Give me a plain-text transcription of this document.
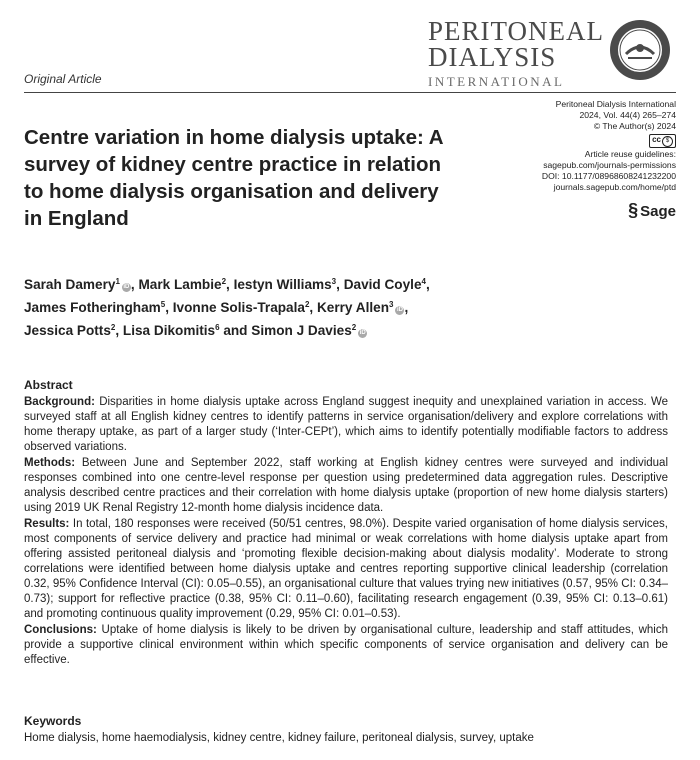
PERITONEAL
DIALYSIS
INTERNATIONAL
Original Article
Centre variation in home dialysis uptake: A survey of kidney centre practice in relation to home dialysis organisation and delivery in England
Peritoneal Dialysis International
2024, Vol. 44(4) 265–274
© The Author(s) 2024
cc $
Article reuse guidelines:
sagepub.com/journals-permissions
DOI: 10.1177/08968608241232200
journals.sagepub.com/home/ptd
§ Sage
Sarah Damery$^1$iD , Mark Lambie$^2$, Iestyn Williams$^3$, David Coyle$^4$,
James Fotheringham$^5$, Ivonne Solis-Trapala$^2$, Kerry Allen$^3$iD ,
Jessica Potts$^2$, Lisa Dikomitis$^6$ and Simon J Davies$^2$iD
Abstract

Background: Disparities in home dialysis uptake across England suggest inequity and unexplained variation in access. We surveyed staff at all English kidney centres to identify patterns in service organisation/delivery and explore correlations with home therapy uptake, as part of a larger study (‘Inter-CEPt’), which aims to identify potentially modifiable factors to address observed variations.

Methods: Between June and September 2022, staff working at English kidney centres were surveyed and individual responses combined into one centre-level response per question using predetermined data aggregation rules. Descriptive analysis described centre practices and their correlation with home dialysis uptake (proportion of new home dialysis starters) using 2019 UK Renal Registry 12-month home dialysis incidence data.

Results: In total, 180 responses were received (50/51 centres, 98.0%). Despite varied organisation of home dialysis services, most components of service delivery and practice had minimal or weak correlations with home dialysis uptake apart from offering assisted peritoneal dialysis and ‘promoting flexible decision-making about dialysis modality’. Moderate to strong correlations were identified between home dialysis uptake and centres reporting supportive clinical leadership (correlation 0.32, 95% Confidence Interval (CI): 0.05–0.55), an organisational culture that values trying new initiatives (0.57, 95% CI: 0.34–0.73); support for reflective practice (0.38, 95% CI: 0.11–0.60), facilitating research engagement (0.39, 95% CI: 0.13–0.61) and promoting continuous quality improvement (0.29, 95% CI: 0.01–0.53).

Conclusions: Uptake of home dialysis is likely to be driven by organisational culture, leadership and staff attitudes, which provide a supportive clinical environment within which specific components of service organisation and delivery can be effective.

Keywords
Home dialysis, home haemodialysis, kidney centre, kidney failure, peritoneal dialysis, survey, uptake
